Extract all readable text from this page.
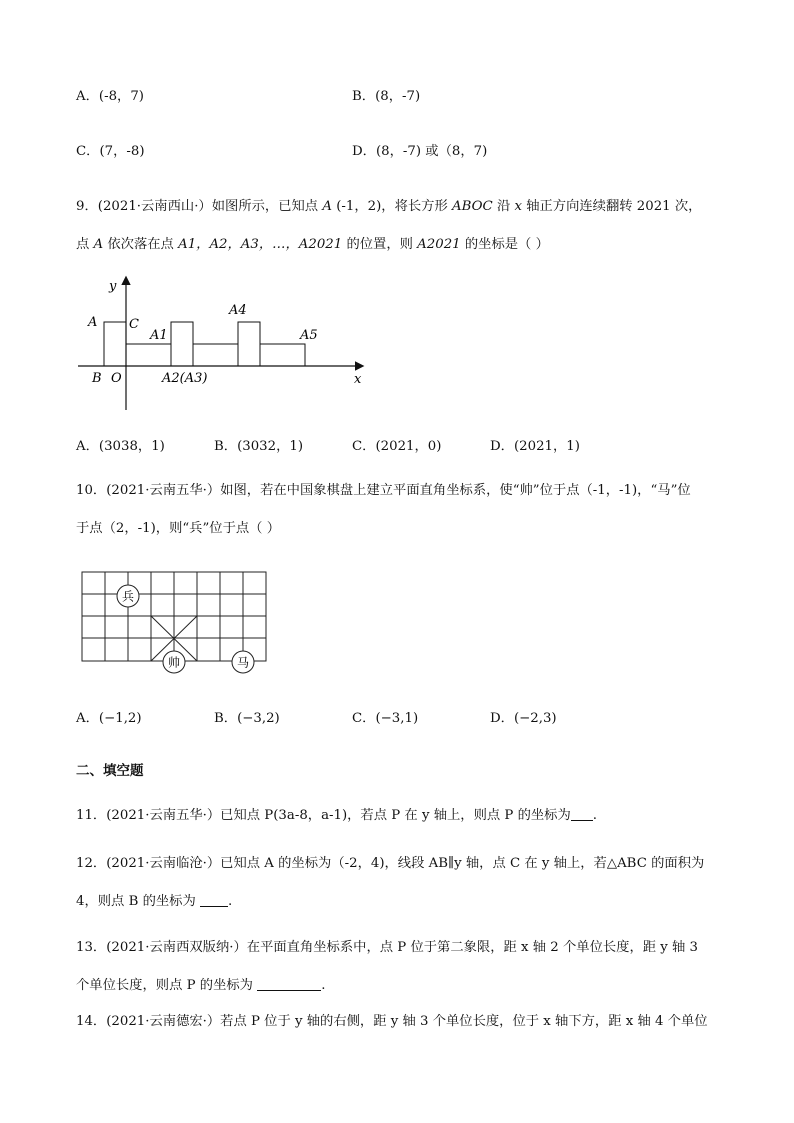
A．(-8，7)	B．(8，-7)
C．(7，-8)	D．(8，-7) 或（8，7)
9．(2021·云南西山·）如图所示，已知点 A (-1，2)，将长方形 ABOC 沿 x 轴正方向连续翻转 2021 次，
点 A 依次落在点 A1，A2，A3，…，A2021 的位置，则 A2021 的坐标是（ ）
y
x
A C
B O
A1
A2(A3)
A4
A5
A．(3038，1)	B．(3032，1)	C．(2021，0)	D．(2021，1)
10．(2021·云南五华·）如图，若在中国象棋盘上建立平面直角坐标系，使“帅”位于点（-1，-1)，“马”位
于点（2，-1)，则“兵”位于点（ ）
兵
帅	马
A．(−1,2)	B．(−3,2)	C．(−3,1)	D．(−2,3)
二、填空题
11．(2021·云南五华·）已知点 P(3a-8，a-1)，若点 P 在 y 轴上，则点 P 的坐标为 .
12．(2021·云南临沧·）已知点 A 的坐标为（-2，4)，线段 AB∥y 轴，点 C 在 y 轴上，若△ABC 的面积为
4，则点 B 的坐标为 .
13．(2021·云南西双版纳·）在平面直角坐标系中，点 P 位于第二象限，距 x 轴 2 个单位长度，距 y 轴 3
个单位长度，则点 P 的坐标为	.
14．(2021·云南德宏·）若点 P 位于 y 轴的右侧，距 y 轴 3 个单位长度，位于 x 轴下方，距 x 轴 4 个单位
